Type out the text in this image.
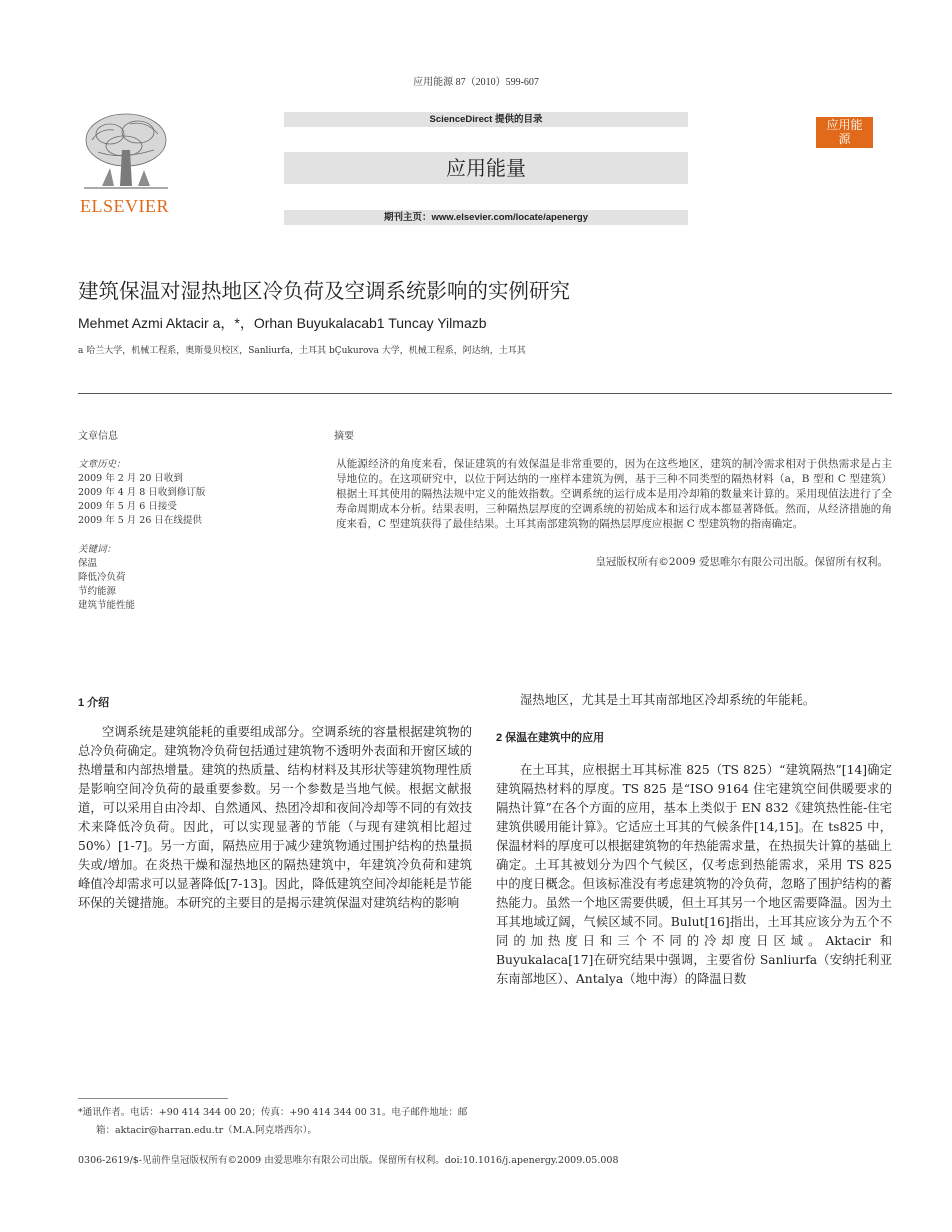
应用能源 87（2010）599-607
ELSEVIER
ScienceDirect 提供的目录
应用能量
期刊主页：www.elsevier.com/locate/apenergy
应用能
源
建筑保温对湿热地区冷负荷及空调系统影响的实例研究
Mehmet Azmi Aktacir a，*，Orhan Buyukalacab1 Tuncay Yilmazb
a 哈兰大学，机械工程系，奥斯曼贝校区，Sanliurfa，土耳其 bÇukurova 大学，机械工程系，阿达纳，土耳其
文章信息	摘要
文章历史：
2009 年 2 月 20 日收到
2009 年 4 月 8 日收到修订版
2009 年 5 月 6 日接受
2009 年 5 月 26 日在线提供
关键词：
保温
降低冷负荷
节约能源
建筑节能性能
从能源经济的角度来看，保证建筑的有效保温是非常重要的，因为在这些地区，建筑的制冷需求相对于供热需求是占主导地位的。在这项研究中，以位于阿达纳的一座样本建筑为例，基于三种不同类型的隔热材料（a，B 型和 C 型建筑）根据土耳其使用的隔热法规中定义的能效指数。空调系统的运行成本是用冷却箱的数量来计算的。采用现值法进行了全寿命周期成本分析。结果表明，三种隔热层厚度的空调系统的初始成本和运行成本都显著降低。然而，从经济措施的角度来看，C 型建筑获得了最佳结果。土耳其南部建筑物的隔热层厚度应根据 C 型建筑物的指南确定。
皇冠版权所有©2009 爱思唯尔有限公司出版。保留所有权利。
1 介绍
空调系统是建筑能耗的重要组成部分。空调系统的容量根据建筑物的总冷负荷确定。建筑物冷负荷包括通过建筑物不透明外表面和开窗区域的热增量和内部热增量。建筑的热质量、结构材料及其形状等建筑物理性质是影响空间冷负荷的最重要参数。另一个参数是当地气候。根据文献报道，可以采用自由冷却、自然通风、热团冷却和夜间冷却等不同的有效技术来降低冷负荷。因此，可以实现显著的节能（与现有建筑相比超过 50%）[1-7]。另一方面，隔热应用于减少建筑物通过围护结构的热量损失或/增加。在炎热干燥和湿热地区的隔热建筑中，年建筑冷负荷和建筑峰值冷却需求可以显著降低[7-13]。因此，降低建筑空间冷却能耗是节能环保的关键措施。本研究的主要目的是揭示建筑保温对建筑结构的影响
湿热地区，尤其是土耳其南部地区冷却系统的年能耗。
2 保温在建筑中的应用
在土耳其，应根据土耳其标准 825（TS 825）“建筑隔热”[14]确定建筑隔热材料的厚度。TS 825 是“ISO 9164 住宅建筑空间供暖要求的隔热计算”在各个方面的应用，基本上类似于 EN 832《建筑热性能-住宅建筑供暖用能计算》。它适应土耳其的气候条件[14,15]。在 ts825 中，保温材料的厚度可以根据建筑物的年热能需求量，在热损失计算的基础上确定。土耳其被划分为四个气候区，仅考虑到热能需求，采用 TS 825 中的度日概念。但该标准没有考虑建筑物的冷负荷，忽略了围护结构的蓄热能力。虽然一个地区需要供暖，但土耳其另一个地区需要降温。因为土耳其地域辽阔，气候区域不同。Bulut[16]指出，土耳其应该分为五个不同的加热度日和三个不同的冷却度日区域。Aktacir 和 Buyukalaca[17]在研究结果中强调，主要省份 Sanliurfa（安纳托利亚东南部地区）、Antalya（地中海）的降温日数
*通讯作者。电话：+90 414 344 00 20；传真：+90 414 344 00 31。电子邮件地址：邮
箱：aktacir@harran.edu.tr（M.A.阿克塔西尔）。
0306-2619/$-见前件皇冠版权所有©2009 由爱思唯尔有限公司出版。保留所有权利。doi:10.1016/j.apenergy.2009.05.008
